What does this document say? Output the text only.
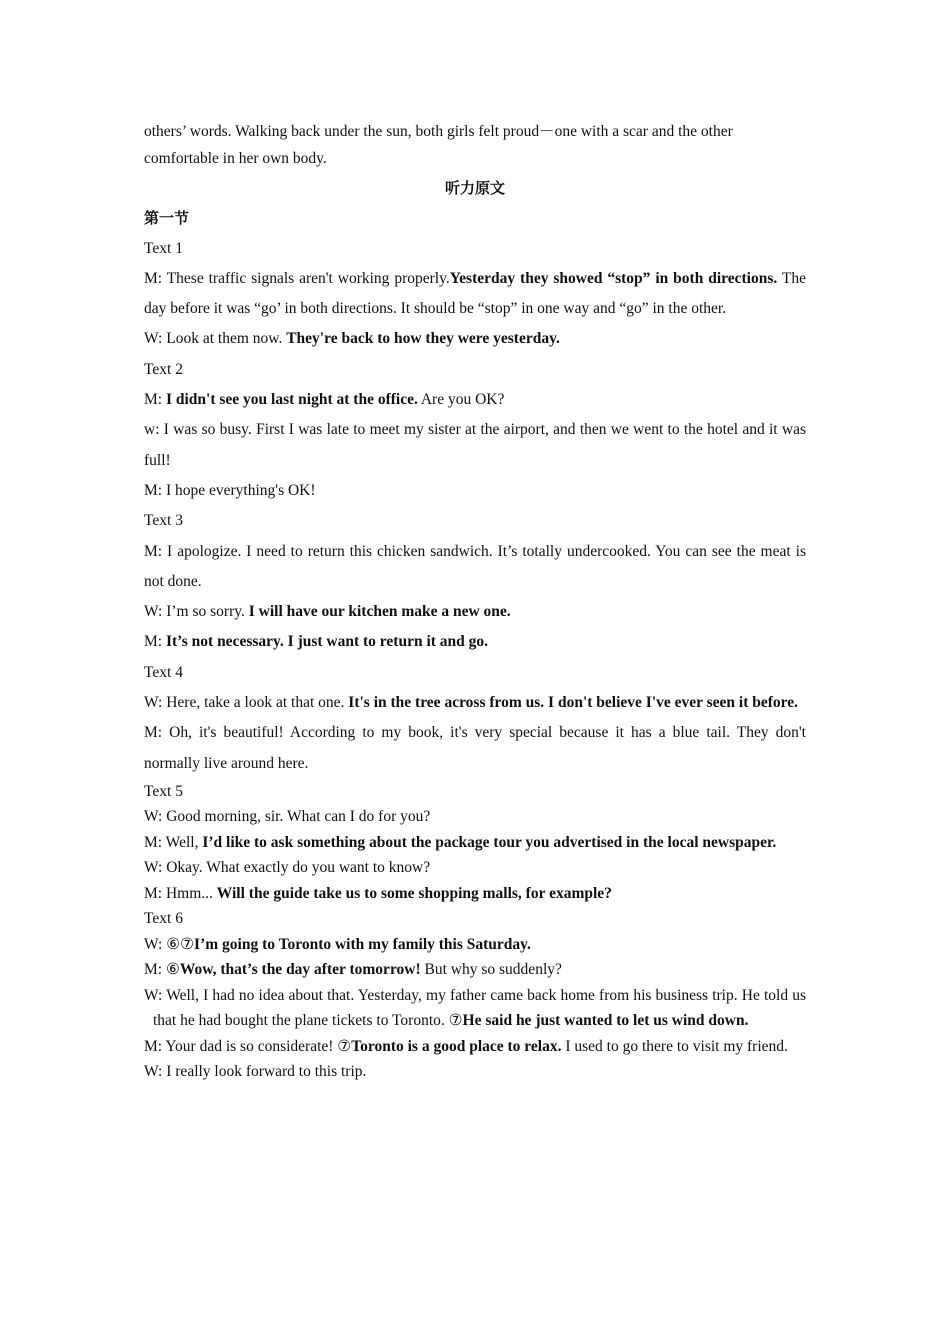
others’ words. Walking back under the sun, both girls felt proud－one with a scar and the other
comfortable in her own body.

听力原文

第一节

Text 1

M: These traffic signals aren't working properly.Yesterday they showed “stop” in both directions. The day before it was “go’ in both directions. It should be “stop” in one way and “go” in the other.

W: Look at them now. They're back to how they were yesterday.

Text 2

M: I didn't see you last night at the office. Are you OK?

w: I was so busy. First I was late to meet my sister at the airport, and then we went to the hotel and it was full!

M: I hope everything's OK!

Text 3

M: I apologize. I need to return this chicken sandwich. It’s totally undercooked. You can see the meat is not done.

W: I’m so sorry. I will have our kitchen make a new one.

M: It’s not necessary. I just want to return it and go.

Text 4

W: Here, take a look at that one. It's in the tree across from us. I don't believe I've ever seen it before.

M: Oh, it's beautiful! According to my book, it's very special because it has a blue tail. They don't normally live around here.

Text 5

W: Good morning, sir. What can I do for you?

M: Well, I’d like to ask something about the package tour you advertised in the local newspaper.

W: Okay. What exactly do you want to know?

M: Hmm... Will the guide take us to some shopping malls, for example?

Text 6

W: ⑥⑦I’m going to Toronto with my family this Saturday.

M: ⑥Wow, that’s the day after tomorrow! But why so suddenly?

W: Well, I had no idea about that. Yesterday, my father came back home from his business trip. He told us that he had bought the plane tickets to Toronto. ⑦He said he just wanted to let us wind down.

M: Your dad is so considerate! ⑦Toronto is a good place to relax. I used to go there to visit my friend.

W: I really look forward to this trip.
